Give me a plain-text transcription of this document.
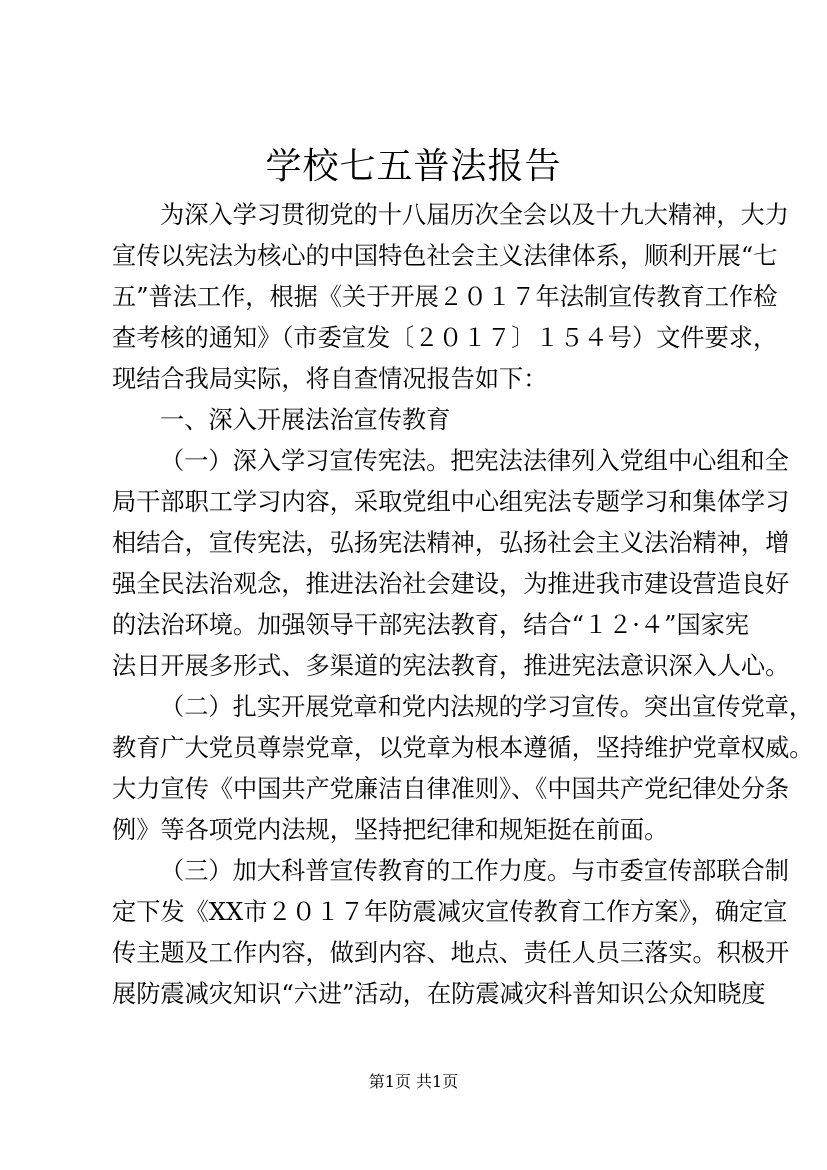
学校七五普法报告

为深入学习贯彻党的十八届历次全会以及十九大精神，大力

宣传以宪法为核心的中国特色社会主义法律体系，顺利开展“七

五”普法工作，根据《关于开展２０１７年法制宣传教育工作检

查考核的通知》（市委宣发〔２０１７〕１５４号）文件要求，

现结合我局实际，将自查情况报告如下：

一、深入开展法治宣传教育

（一）深入学习宣传宪法。把宪法法律列入党组中心组和全

局干部职工学习内容，采取党组中心组宪法专题学习和集体学习

相结合，宣传宪法，弘扬宪法精神，弘扬社会主义法治精神，增

强全民法治观念，推进法治社会建设，为推进我市建设营造良好

的法治环境。加强领导干部宪法教育，结合“１２·４”国家宪

法日开展多形式、多渠道的宪法教育，推进宪法意识深入人心。

（二）扎实开展党章和党内法规的学习宣传。突出宣传党章，

教育广大党员尊崇党章，以党章为根本遵循，坚持维护党章权威。

大力宣传《中国共产党廉洁自律准则》、《中国共产党纪律处分条

例》等各项党内法规，坚持把纪律和规矩挺在前面。

（三）加大科普宣传教育的工作力度。与市委宣传部联合制

定下发《XX市２０１７年防震减灾宣传教育工作方案》，确定宣

传主题及工作内容，做到内容、地点、责任人员三落实。积极开

展防震减灾知识“六进”活动，在防震减灾科普知识公众知晓度

第1页 共1页
